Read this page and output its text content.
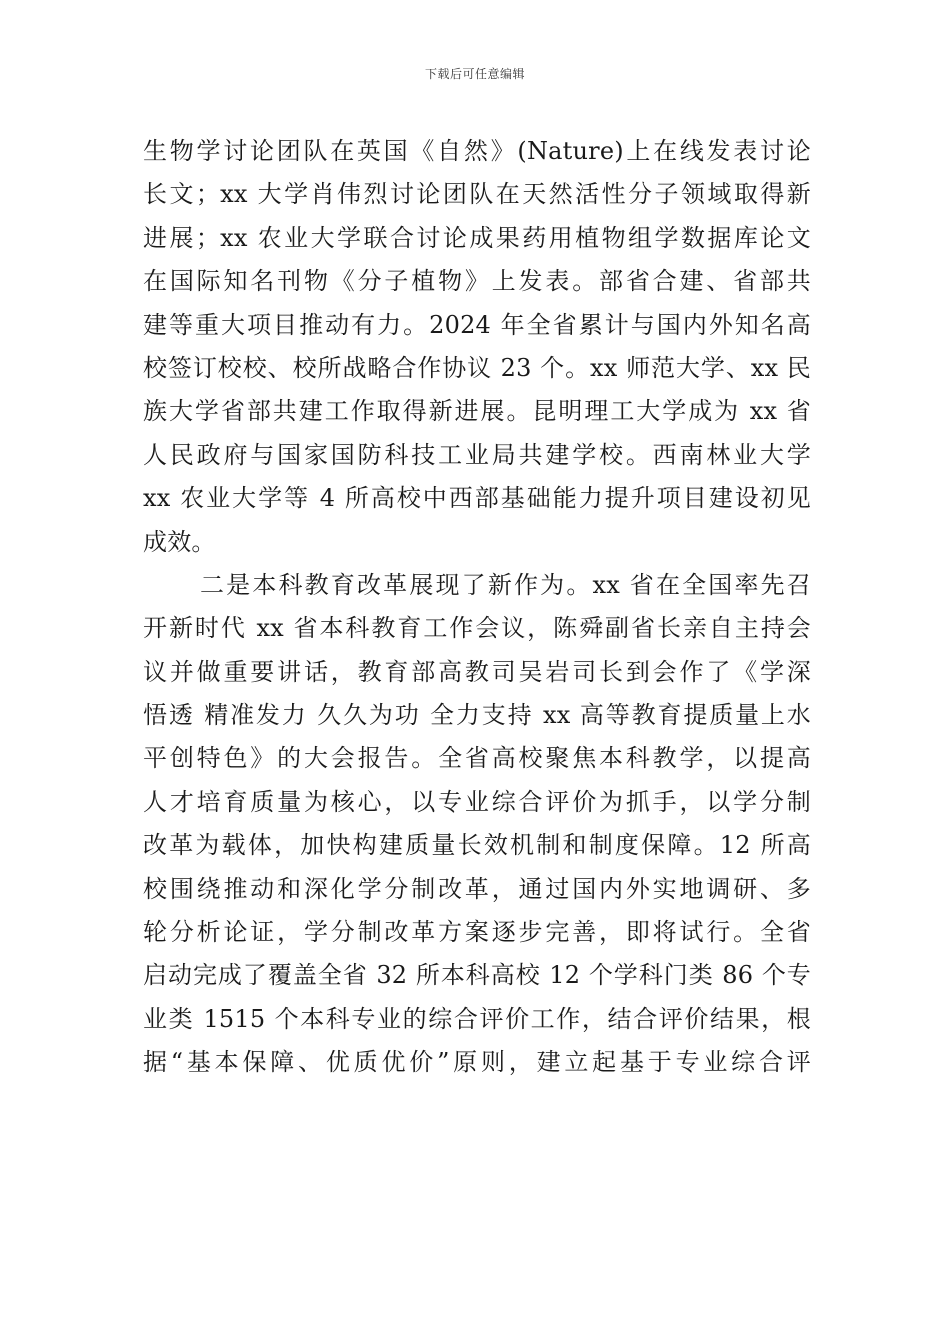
下载后可任意编辑
生物学讨论团队在英国《自然》(Nature)上在线发表讨论
长文；xx 大学肖伟烈讨论团队在天然活性分子领域取得新
进展；xx 农业大学联合讨论成果药用植物组学数据库论文
在国际知名刊物《分子植物》上发表。部省合建、省部共
建等重大项目推动有力。2024 年全省累计与国内外知名高
校签订校校、校所战略合作协议 23 个。xx 师范大学、xx 民
族大学省部共建工作取得新进展。昆明理工大学成为 xx 省
人民政府与国家国防科技工业局共建学校。西南林业大学
xx 农业大学等 4 所高校中西部基础能力提升项目建设初见
成效。
二是本科教育改革展现了新作为。xx 省在全国率先召
开新时代 xx 省本科教育工作会议，陈舜副省长亲自主持会
议并做重要讲话，教育部高教司吴岩司长到会作了《学深
悟透 精准发力 久久为功 全力支持 xx 高等教育提质量上水
平创特色》的大会报告。全省高校聚焦本科教学，以提高
人才培育质量为核心，以专业综合评价为抓手，以学分制
改革为载体，加快构建质量长效机制和制度保障。12 所高
校围绕推动和深化学分制改革，通过国内外实地调研、多
轮分析论证，学分制改革方案逐步完善，即将试行。全省
启动完成了覆盖全省 32 所本科高校 12 个学科门类 86 个专
业类 1515 个本科专业的综合评价工作，结合评价结果，根
据“基本保障、优质优价”原则，建立起基于专业综合评
